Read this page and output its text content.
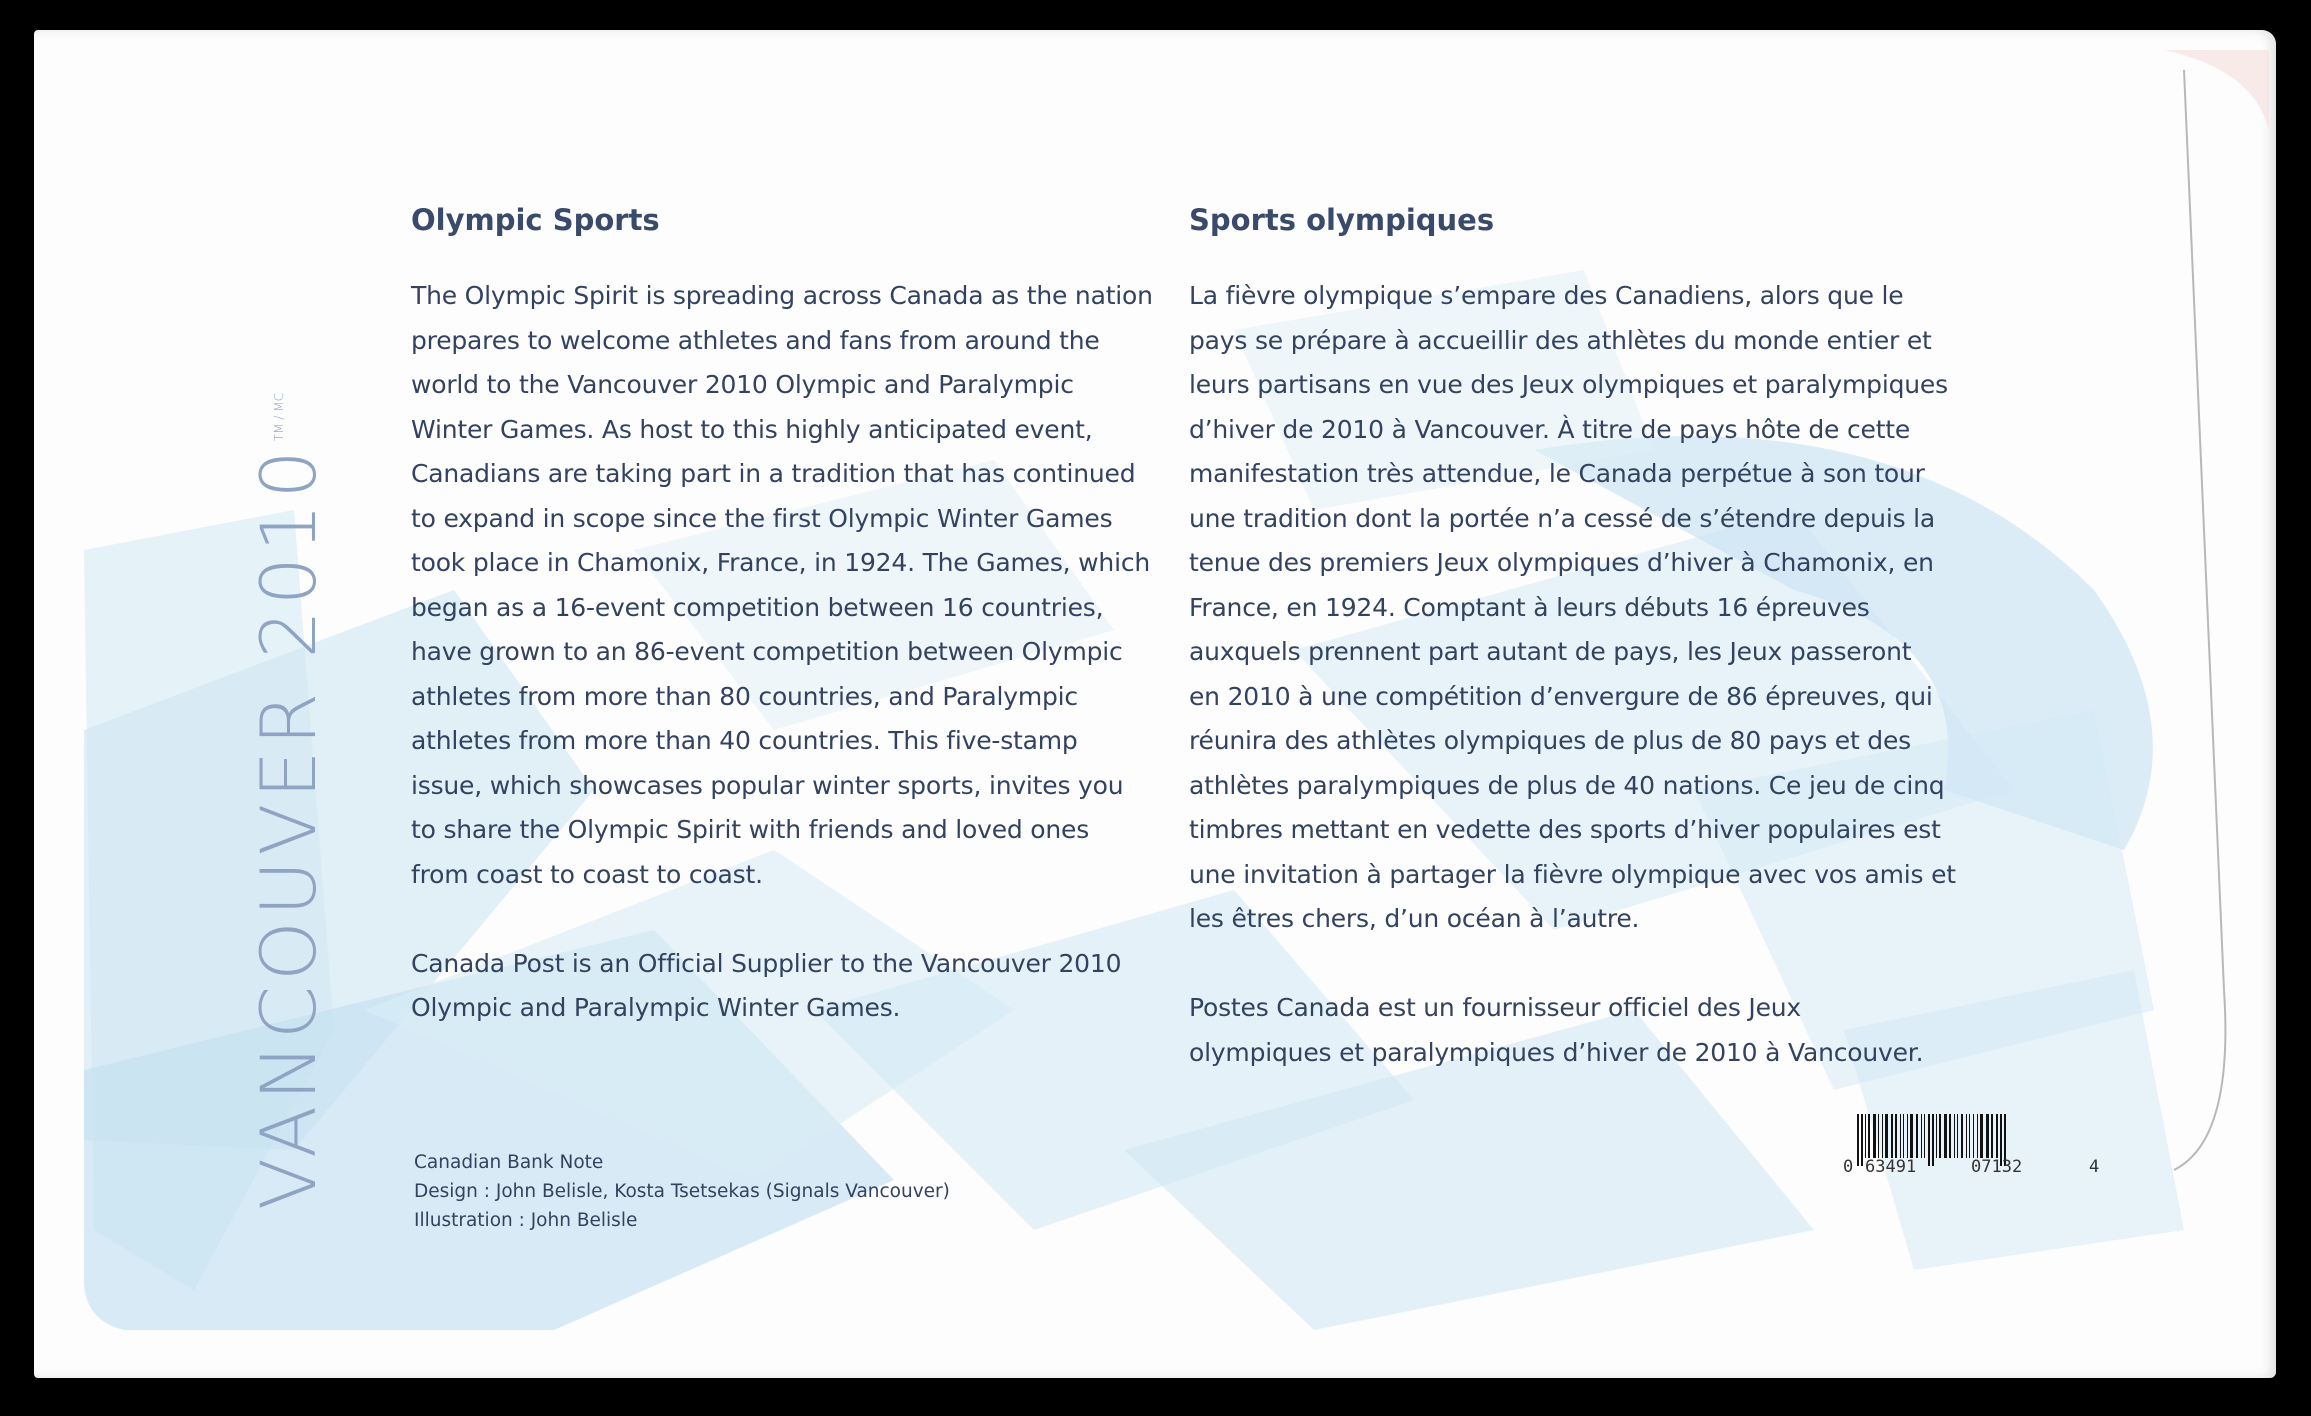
VANCOUVER $2010^{TM / MC}$
Olympic Sports

The Olympic Spirit is spreading across Canada as the nation
prepares to welcome athletes and fans from around the
world to the Vancouver 2010 Olympic and Paralympic
Winter Games. As host to this highly anticipated event,
Canadians are taking part in a tradition that has continued
to expand in scope since the first Olympic Winter Games
took place in Chamonix, France, in 1924. The Games, which
began as a 16-event competition between 16 countries,
have grown to an 86-event competition between Olympic
athletes from more than 80 countries, and Paralympic
athletes from more than 40 countries. This five-stamp
issue, which showcases popular winter sports, invites you
to share the Olympic Spirit with friends and loved ones
from coast to coast to coast.

Canada Post is an Official Supplier to the Vancouver 2010
Olympic and Paralympic Winter Games.

Sports olympiques

La fièvre olympique s’empare des Canadiens, alors que le
pays se prépare à accueillir des athlètes du monde entier et
leurs partisans en vue des Jeux olympiques et paralympiques
d’hiver de 2010 à Vancouver. À titre de pays hôte de cette
manifestation très attendue, le Canada perpétue à son tour
une tradition dont la portée n’a cessé de s’étendre depuis la
tenue des premiers Jeux olympiques d’hiver à Chamonix, en
France, en 1924. Comptant à leurs débuts 16 épreuves
auxquels prennent part autant de pays, les Jeux passeront
en 2010 à une compétition d’envergure de 86 épreuves, qui
réunira des athlètes olympiques de plus de 80 pays et des
athlètes paralympiques de plus de 40 nations. Ce jeu de cinq
timbres mettant en vedette des sports d’hiver populaires est
une invitation à partager la fièvre olympique avec vos amis et
les êtres chers, d’un océan à l’autre.

Postes Canada est un fournisseur officiel des Jeux
olympiques et paralympiques d’hiver de 2010 à Vancouver.

Canadian Bank Note
Design : John Belisle, Kosta Tsetsekas (Signals Vancouver)
Illustration : John Belisle
0 63491	07132	4
